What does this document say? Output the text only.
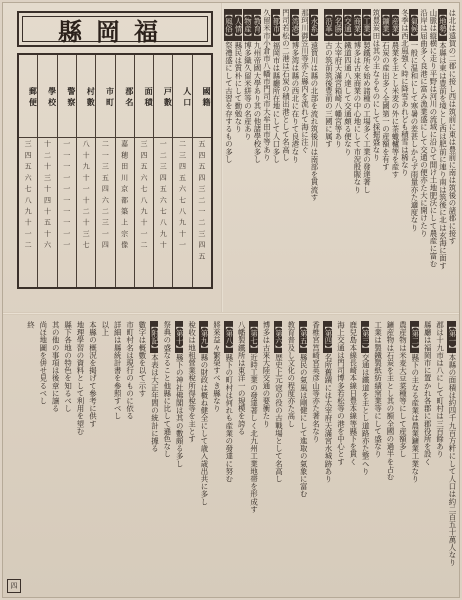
縣岡福
國 籍
五 四 五 四 三 二 一 二 三 四 五
人 口
二 三 四 五 六 七 八 九 十 一
戸 數
一 二 三 四 五 六 七 八 九 十
面 積
三 四 五 六 七 八 九 十 一 二
郡 名
嘉 穂 田 川 京 都 築 上 宗 像
市 町
二 一 三 五 四 六 二 三 一 四
村 數
八 十 九 十 一 十 二 十 三 七
警 察
一 一 一 一 一 一 一 一 一 一
學 校
十 二 十 三 十 四 十 五 十 六
郵 便
三 四 五 六 七 八 九 十 一 二	は北は遠賀の二郡に接し西は筑前に東は豊前に南は筑後の諸郡に接す
【地勢】本縣は東は豊前を境とし西は肥前に連り南は筑後に北は玄海に面す
山脈は縦横に走り平野は河川の流域に沿ひて開け土地肥沃にして農産に富む
沿岸は屈曲多く良港に富み漁業盛にして交通の便亦た大に開けたり
【氣候】一般に温和にして寒暑の差甚しからず雨量亦た適度なり
冬季は西北風強く時に降雪あれども積雪は稀なり
【産業】農業を主とし米麦の外に茶蠟櫨等を産す
【鑛業】石炭の産出多く全國第一の産額を有す
筑豊炭田は其の主なるものにして採掘盛なり
【工業】製鐵所を始め諸種の工場多く工業の發達著し
【商業】博多は古來商業の中心地にして市況殷賑なり
【交通】鐵道四通八達して交通頗る便なり
【名勝】太宰府天滿宮箱崎八幡宮等あり
【沿革】古の筑前筑後豊前の三國に属す
【水系】遠賀川は縣の北部を流れ筑後川は南部を貫流す
那珂川御笠川等亦た縣内を流れて海に注ぐ
【湾港】博多湾は縣の西北に在りて良港なり
門司若松の二港は石炭の積出港として名高し
【都市】福岡市は縣廳所在地にして人口多し
久留米市小倉市八幡市門司市大牟田市等あり
【教育】九州帝國大學あり其の他諸學校多し
【物産】博多織久留米絣等の名産あり
【人情】縣民は質朴にして勤勉なり
【風俗】祭禮盛にして古習を存するもの多し
【第一】本縣の面積は約四千九百方粁にして人口は約二百五十萬人なり
郡は十九市は八にして町村は三百餘あり
縣廳は福岡市に置かれ各郡に郡役所を設く
【第二】縣下の主なる産業は農業鑛業工業なり
農産物は米麦大豆菜種等にして産額多し
鑛産物は石炭を主とし其の額全國の過半を占む
工業は製鐵製紙紡績窯業等にして盛なり
【第三】交通は鐵道を主とし道路亦た整へり
鹿兒島本線長崎本線日豊本線等縣下を貫く
海上交通は門司博多若松等の港を中心とす
【第四】名所舊蹟には太宰府天滿宮水城跡あり
香椎宮筥崎宮英彦山等亦た著名なり
【第五】縣民の氣風は剛健にして進取の氣象に富む
教育普及し文化の程度亦た高し
【第六】歴史上元寇の役の古戰場として名高し
博多は古來大陸交通の要衝たり
【第七】近時工業の發達著しく北九州工業地帯を形成す
八幡製鐵所は東洋一の規模を誇る
【第八】縣下の町村は何れも産業の發達に努む
將來益々繁榮すべき縣なり
【第九】縣の財政は概ね健全にして歳入歳出共に多し
稅收は地租營業稅所得稅等を主とす
【第十】縣下の神社佛閣は其の數頗る多し
祭典の盛なること他縣に比して遜色なし
【附記】本表は大正年間の統計に據る
數字は概數を以て示す
市町村名は現行のものに依る
詳細は縣統計書を參照すべし
以上
本縣の概況を掲げて參考に供す
地理學習の資料として利用を望む
縣下各地の特色を知るべし
其の他の事項は後章に譲る
尚ほ地圖を併せ見るべし
終
四
